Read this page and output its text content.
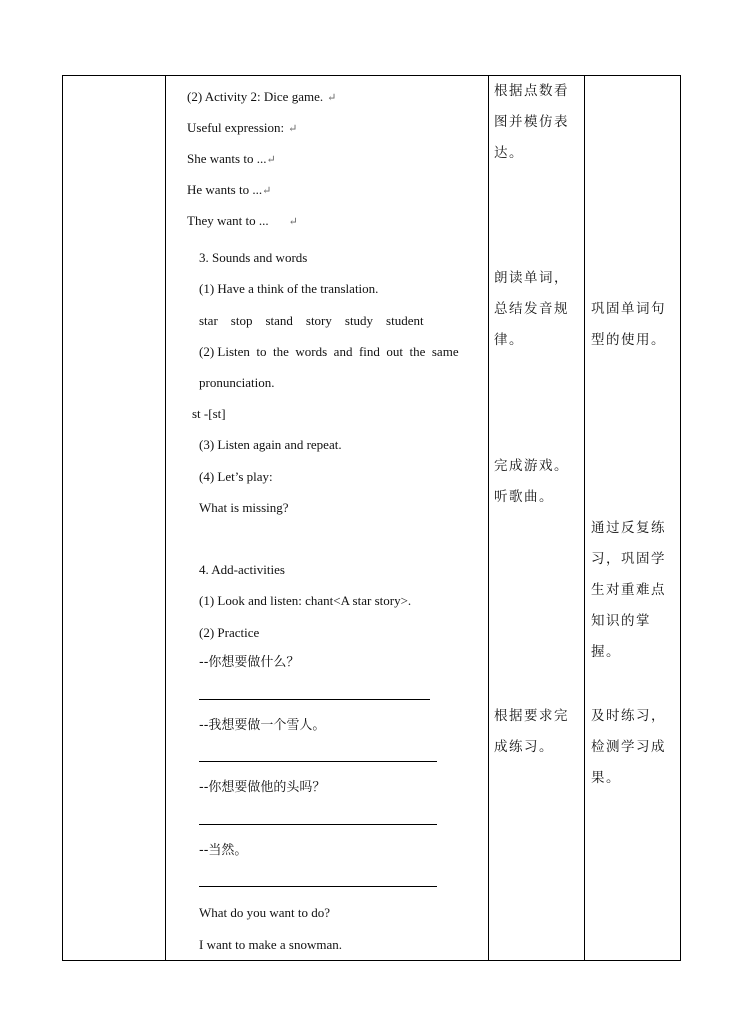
(2) Activity 2: Dice game. ↵
Useful expression: ↵
She wants to ...↵
He wants to ...↵
They want to ... ↵
3. Sounds and words
(1) Have a think of the translation.
star    stop    stand    story    study    student
(2) Listen  to  the  words  and  find  out  the  same
pronunciation.
st -[st]
(3) Listen again and repeat.
(4) Let’s play:
What is missing?
4. Add-activities
(1) Look and listen: chant<A star story>.
(2) Practice
--你想要做什么？
--我想要做一个雪人。
--你想要做他的头吗？
--当然。
What do you want to do?
I want to make a snowman.
根据点数看图并模仿表达。
朗读单词，总结发音规律。
完成游戏。
听歌曲。
根据要求完成练习。
巩固单词句型的使用。
通过反复练习，巩固学生对重难点知识的掌握。
及时练习，检测学习成果。
